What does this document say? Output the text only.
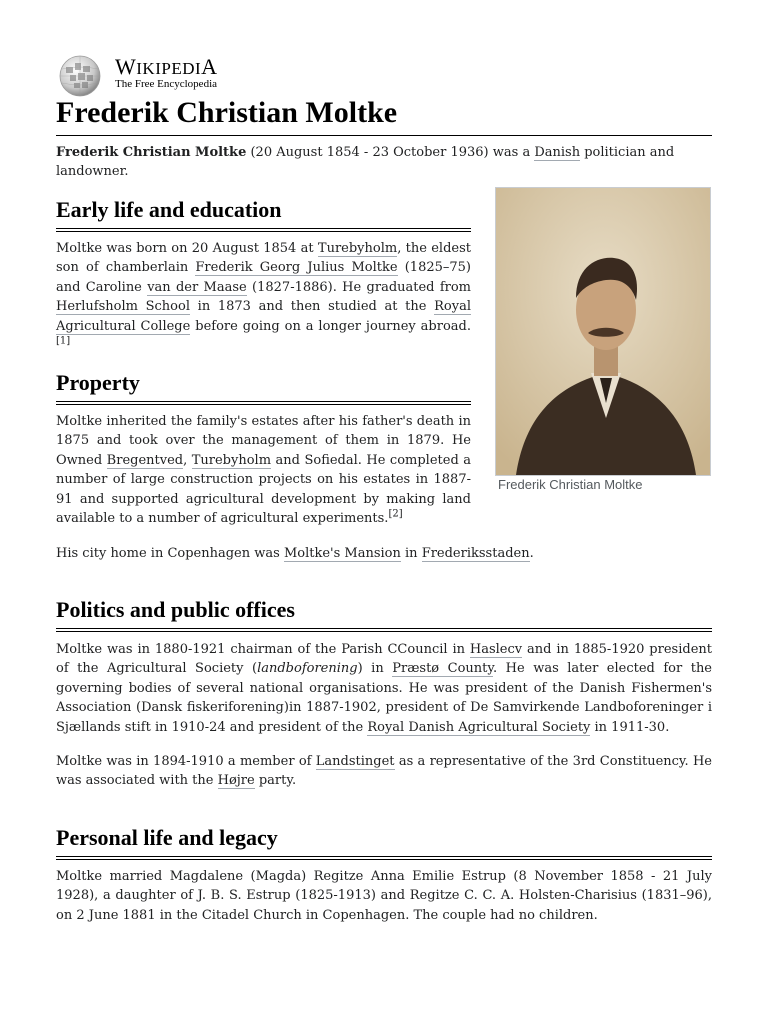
WIKIPEDIA
The Free Encyclopedia
Frederik Christian Moltke

Frederik Christian Moltke (20 August 1854 - 23 October 1936) was a Danish politician and landowner.

Early life and education

Moltke was born on 20 August 1854 at Turebyholm, the eldest son of chamberlain Frederik Georg Julius Moltke (1825–75) and Caroline van der Maase (1827-1886). He graduated from Herlufsholm School in 1873 and then studied at the Royal Agricultural College before going on a longer journey abroad.[1]

Property

Moltke inherited the family's estates after his father's death in 1875 and took over the management of them in 1879. He Owned Bregentved, Turebyholm and Sofiedal. He completed a number of large construction projects on his estates in 1887-91 and supported agricultural development by making land available to a number of agricultural experiments.[2]

His city home in Copenhagen was Moltke's Mansion in Frederiksstaden.

Frederik Christian Moltke
Politics and public offices

Moltke was in 1880-1921 chairman of the Parish CCouncil in Haslecv and in 1885-1920 president of the Agricultural Society (landboforening) in Præstø County. He was later elected for the governing bodies of several national organisations. He was president of the Danish Fishermen's Association (Dansk fiskeriforening)in 1887-1902, president of De Samvirkende Landboforeninger i Sjællands stift in 1910-24 and president of the Royal Danish Agricultural Society in 1911-30.

Moltke was in 1894-1910 a member of Landstinget as a representative of the 3rd Constituency. He was associated with the Højre party.

Personal life and legacy

Moltke married Magdalene (Magda) Regitze Anna Emilie Estrup (8 November 1858 - 21 July 1928), a daughter of J. B. S. Estrup (1825-1913) and Regitze C. C. A. Holsten-Charisius (1831–96), on 2 June 1881 in the Citadel Church in Copenhagen. The couple had no children.
